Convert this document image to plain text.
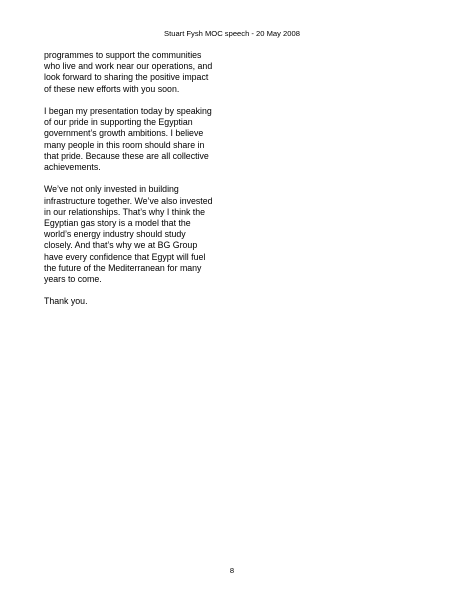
Stuart Fysh MOC speech - 20 May 2008

programmes to support the communities
who live and work near our operations, and
look forward to sharing the positive impact
of these new efforts with you soon.

I began my presentation today by speaking
of our pride in supporting the Egyptian
government’s growth ambitions. I believe
many people in this room should share in
that pride. Because these are all collective
achievements.

We’ve not only invested in building
infrastructure together. We’ve also invested
in our relationships. That’s why I think the
Egyptian gas story is a model that the
world’s energy industry should study
closely. And that’s why we at BG Group
have every confidence that Egypt will fuel
the future of the Mediterranean for many
years to come.

Thank you.

8
